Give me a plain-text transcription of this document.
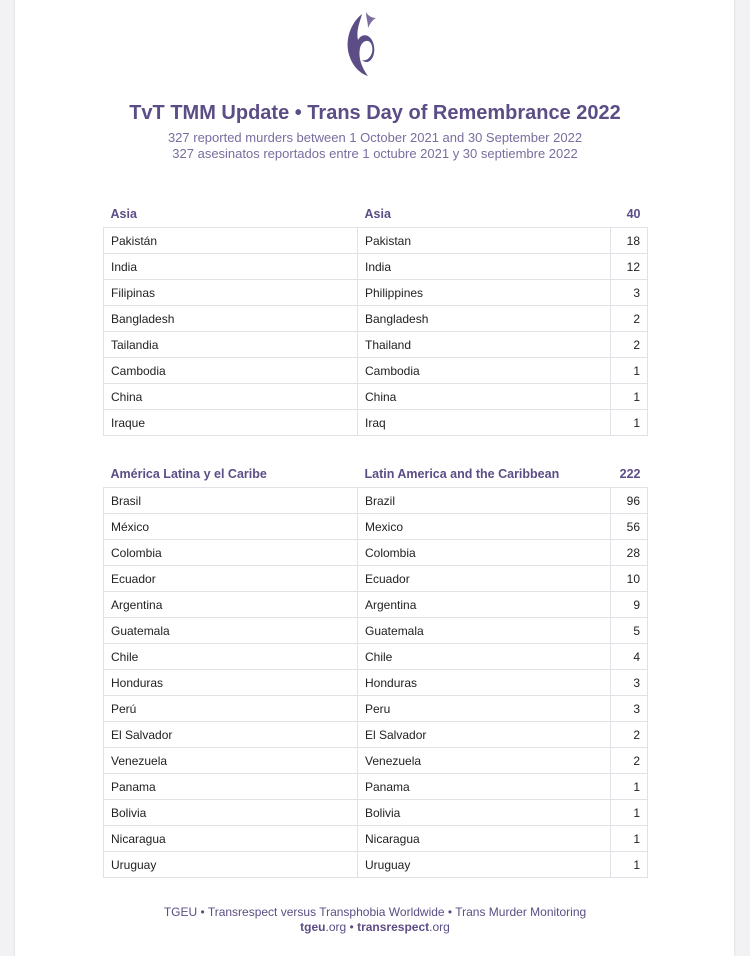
TvT TMM Update • Trans Day of Remembrance 2022
327 reported murders between 1 October 2021 and 30 September 2022
327 asesinatos reportados entre 1 octubre 2021 y 30 septiembre 2022
Asia	Asia	40
Pakistán	Pakistan	18
India	India	12
Filipinas	Philippines	3
Bangladesh	Bangladesh	2
Tailandia	Thailand	2
Cambodia	Cambodia	1
China	China	1
Iraque	Iraq	1
América Latina y el Caribe	Latin America and the Caribbean	222
Brasil	Brazil	96
México	Mexico	56
Colombia	Colombia	28
Ecuador	Ecuador	10
Argentina	Argentina	9
Guatemala	Guatemala	5
Chile	Chile	4
Honduras	Honduras	3
Perú	Peru	3
El Salvador	El Salvador	2
Venezuela	Venezuela	2
Panama	Panama	1
Bolivia	Bolivia	1
Nicaragua	Nicaragua	1
Uruguay	Uruguay	1
TGEU • Transrespect versus Transphobia Worldwide • Trans Murder Monitoring
tgeu.org • transrespect.org
